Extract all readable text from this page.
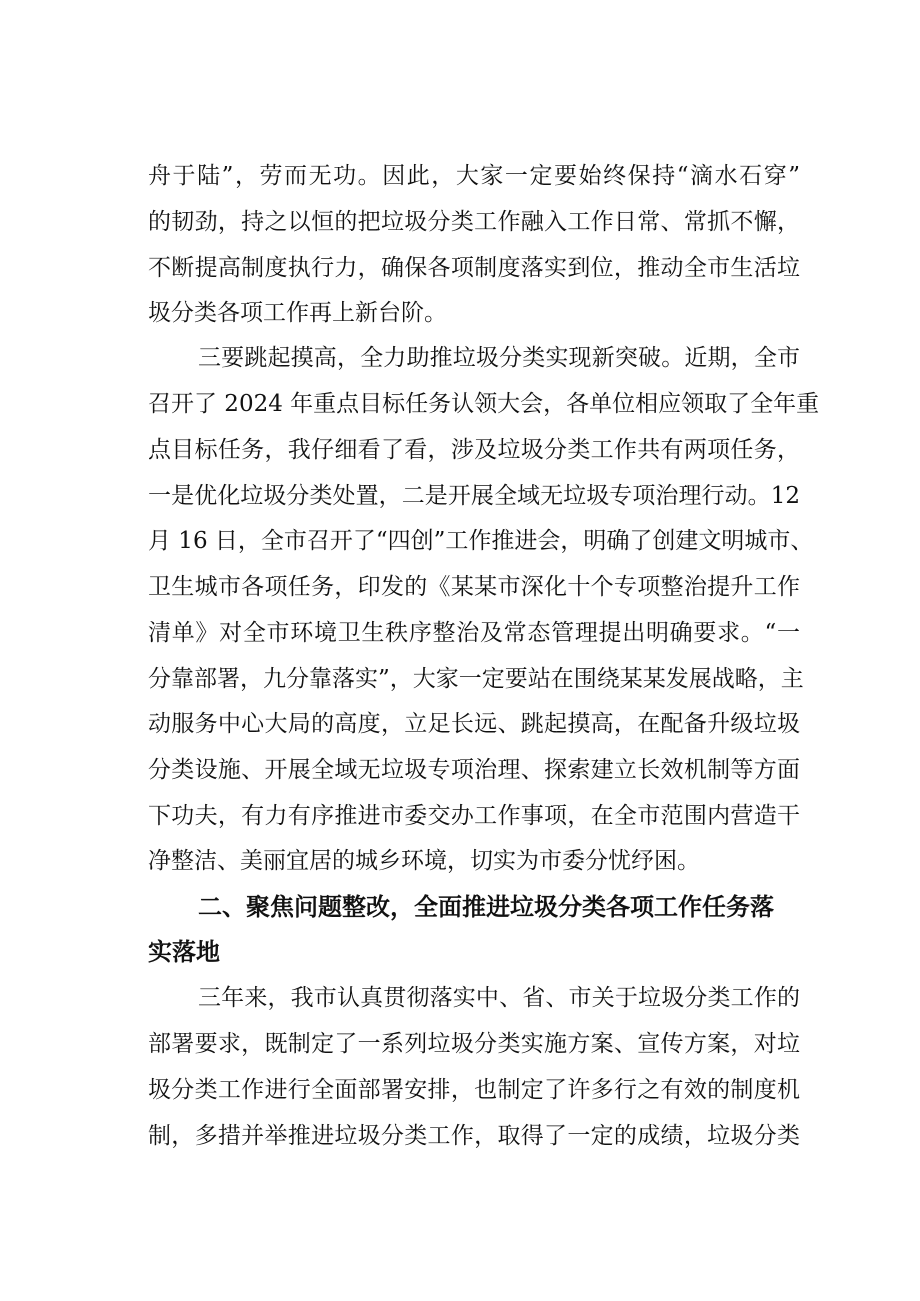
舟于陆”，劳而无功。因此，大家一定要始终保持“滴水石穿”
的韧劲，持之以恒的把垃圾分类工作融入工作日常、常抓不懈，
不断提高制度执行力，确保各项制度落实到位，推动全市生活垃
圾分类各项工作再上新台阶。
三要跳起摸高，全力助推垃圾分类实现新突破。近期，全市
召开了 2024 年重点目标任务认领大会，各单位相应领取了全年重
点目标任务，我仔细看了看，涉及垃圾分类工作共有两项任务，
一是优化垃圾分类处置，二是开展全域无垃圾专项治理行动。12
月 16 日，全市召开了“四创”工作推进会，明确了创建文明城市、
卫生城市各项任务，印发的《某某市深化十个专项整治提升工作
清单》对全市环境卫生秩序整治及常态管理提出明确要求。“一
分靠部署，九分靠落实”，大家一定要站在围绕某某发展战略，主
动服务中心大局的高度，立足长远、跳起摸高，在配备升级垃圾
分类设施、开展全域无垃圾专项治理、探索建立长效机制等方面
下功夫，有力有序推进市委交办工作事项，在全市范围内营造干
净整洁、美丽宜居的城乡环境，切实为市委分忧纾困。
二、聚焦问题整改，全面推进垃圾分类各项工作任务落
实落地
三年来，我市认真贯彻落实中、省、市关于垃圾分类工作的
部署要求，既制定了一系列垃圾分类实施方案、宣传方案，对垃
圾分类工作进行全面部署安排，也制定了许多行之有效的制度机
制，多措并举推进垃圾分类工作，取得了一定的成绩，垃圾分类
